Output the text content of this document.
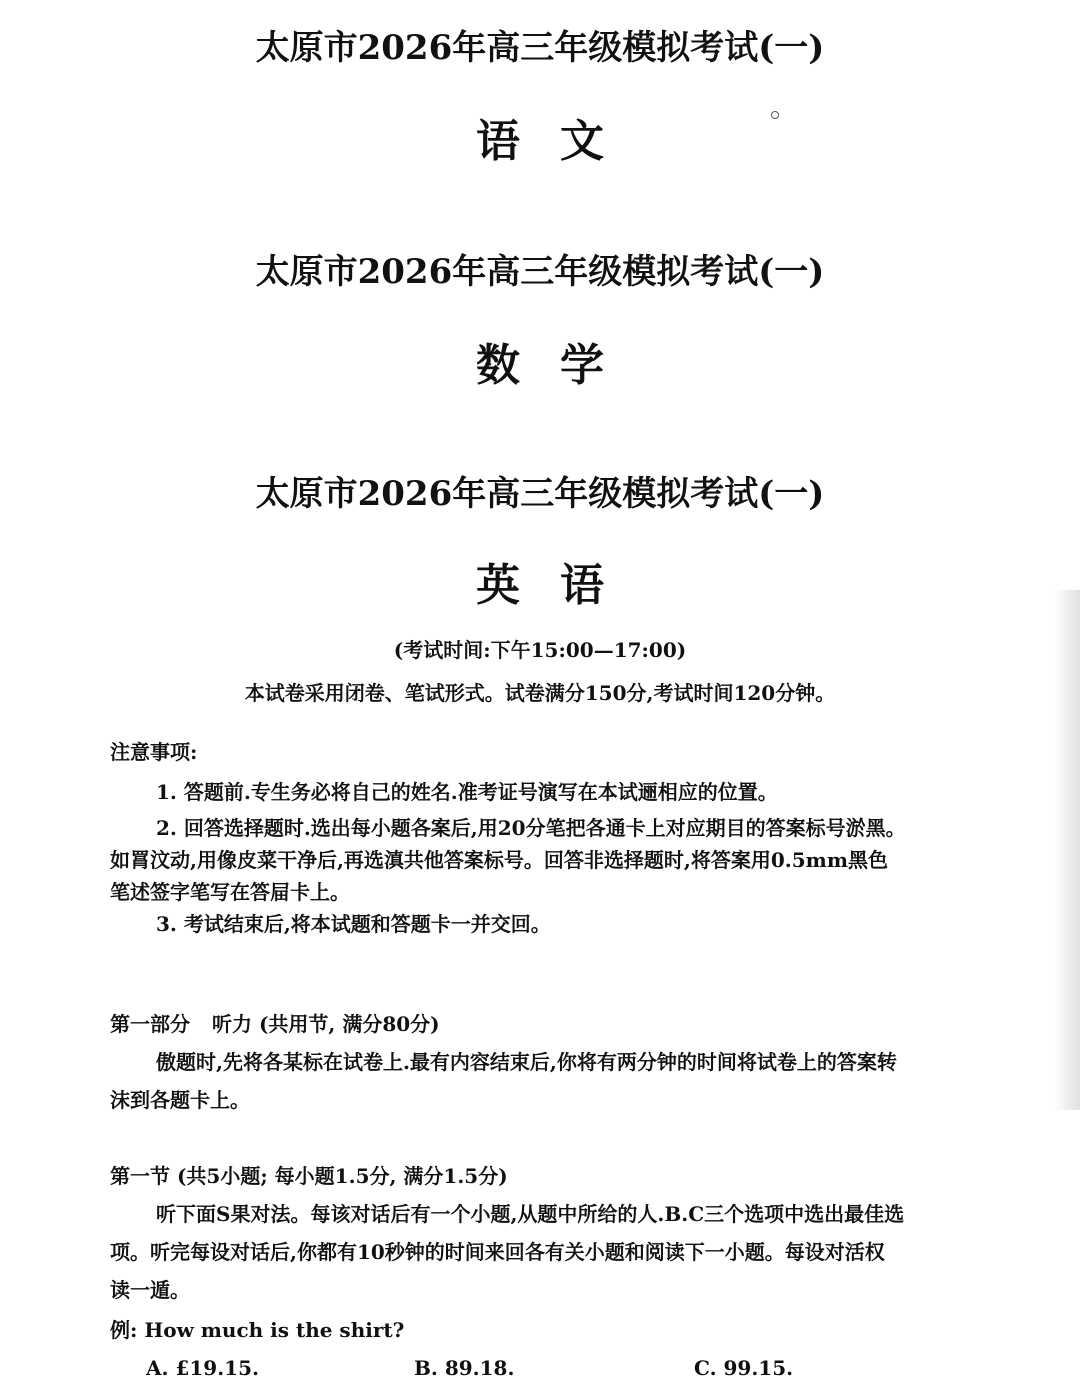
太原市2026年高三年级模拟考试(一)
语 文
太原市2026年高三年级模拟考试(一)
数 学
太原市2026年高三年级模拟考试(一)
英 语
(考试时间:下午15:00—17:00)
本试卷采用闭卷、笔试形式。试卷满分150分,考试时间120分钟。
注意事项:
1. 答题前.专生务必将自己的姓名.准考证号演写在本试逦相应的位置。
2. 回答选择题时.选出每小题各案后,用20分笔把各通卡上对应期目的答案标号淤黑。
如罥汶动,用像皮菜干净后,再选滇共他答案标号。回答非选择题时,将答案用0.5mm黑色
笔述签字笔写在答屇卡上。
3. 考试结束后,将本试题和答题卡一并交回。
第一部分 听力 (共用节, 满分80分)
傲题时,先将各某标在试卷上.最有内容结束后,你将有两分钟的时间将试卷上的答案转
沫到各题卡上。
第一节 (共5小题; 每小题1.5分, 满分1.5分)
听下面S果对法。每该对话后有一个小题,从题中所给的人.B.C三个选项中选出最佳选
项。听完每设对话后,你都有10秒钟的时间来回各有关小题和阅读下一小题。每设对活权
读一遁。
例: How much is the shirt?
A. £19.15.	B. 89.18.	C. 99.15.
